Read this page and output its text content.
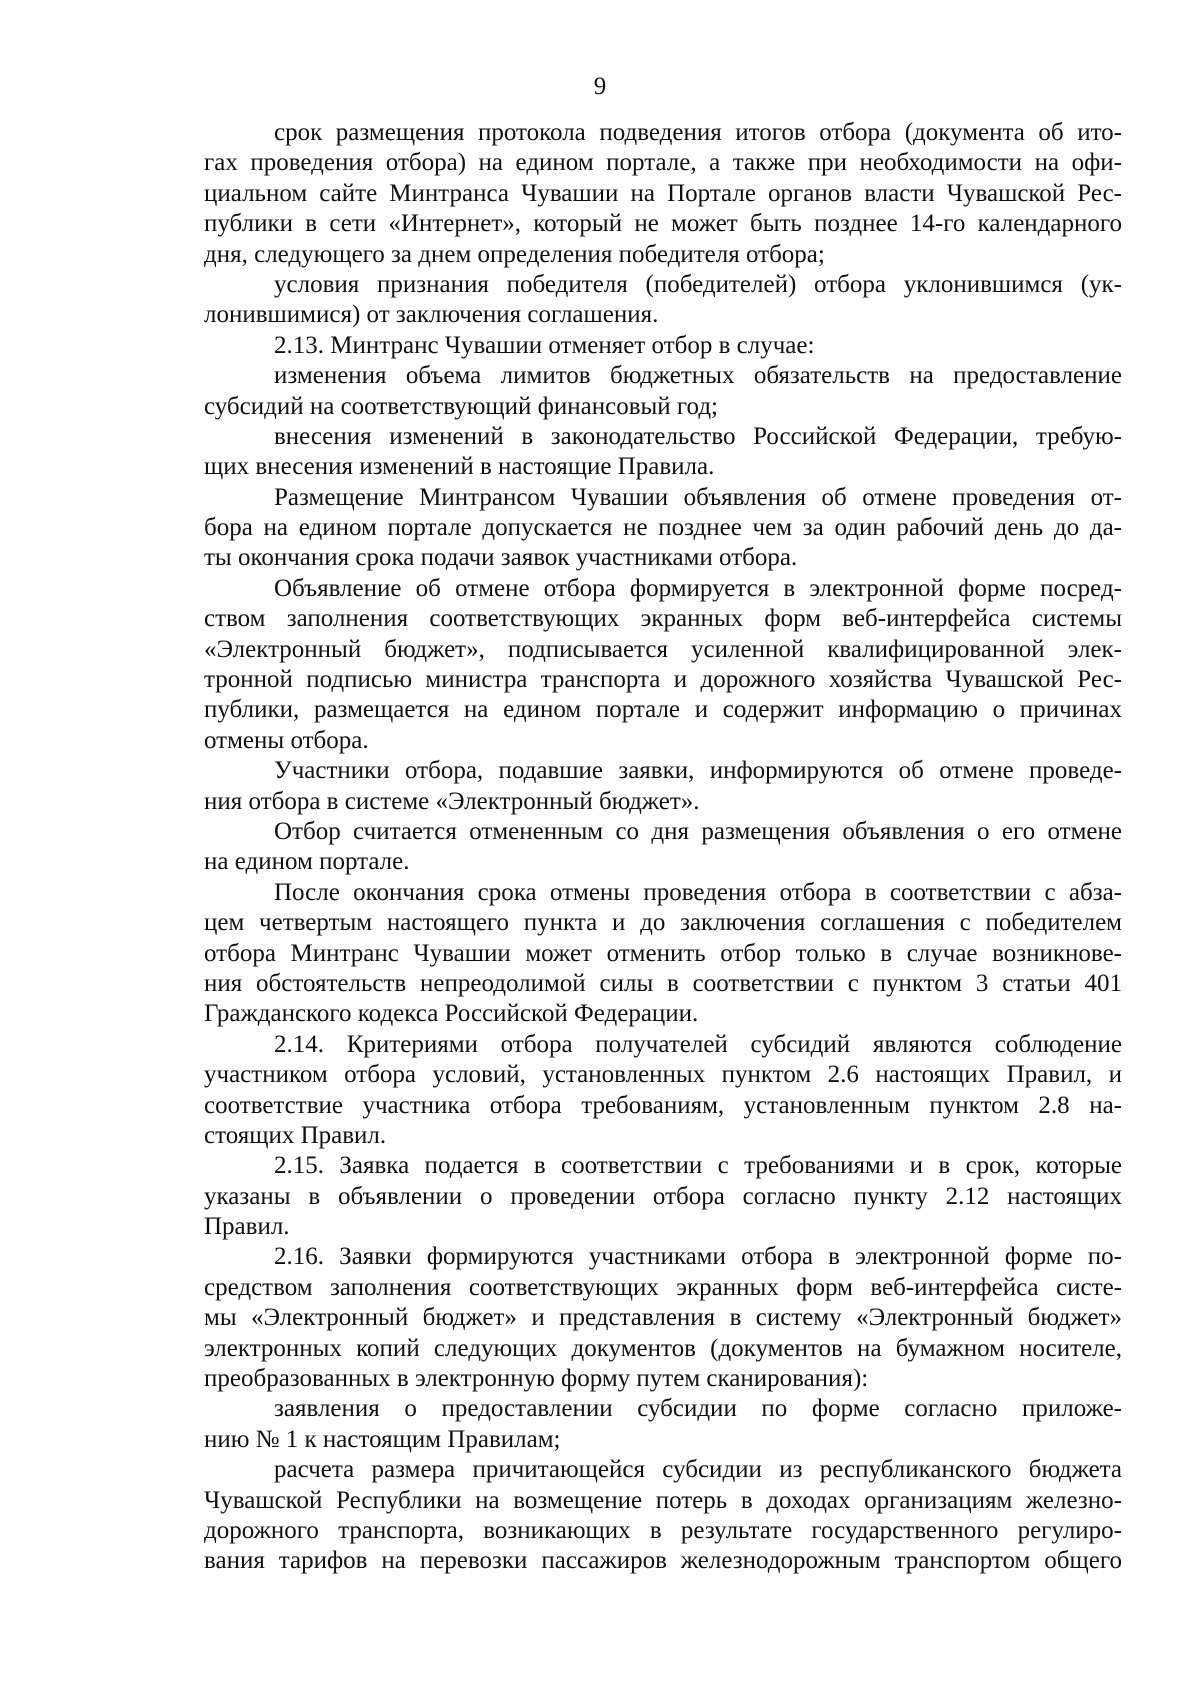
9
срок размещения протокола подведения итогов отбора (документа об ито-
гах проведения отбора) на едином портале, а также при необходимости на офи-
циальном сайте Минтранса Чувашии на Портале органов власти Чувашской Рес-
публики в сети «Интернет», который не может быть позднее 14-го календарного
дня, следующего за днем определения победителя отбора;
условия признания победителя (победителей) отбора уклонившимся (ук-
лонившимися) от заключения соглашения.
2.13. Минтранс Чувашии отменяет отбор в случае:
изменения объема лимитов бюджетных обязательств на предоставление
субсидий на соответствующий финансовый год;
внесения изменений в законодательство Российской Федерации, требую-
щих внесения изменений в настоящие Правила.
Размещение Минтрансом Чувашии объявления об отмене проведения от-
бора на едином портале допускается не позднее чем за один рабочий день до да-
ты окончания срока подачи заявок участниками отбора.
Объявление об отмене отбора формируется в электронной форме посред-
ством заполнения соответствующих экранных форм веб-интерфейса системы
«Электронный бюджет», подписывается усиленной квалифицированной элек-
тронной подписью министра транспорта и дорожного хозяйства Чувашской Рес-
публики, размещается на едином портале и содержит информацию о причинах
отмены отбора.
Участники отбора, подавшие заявки, информируются об отмене проведе-
ния отбора в системе «Электронный бюджет».
Отбор считается отмененным со дня размещения объявления о его отмене
на едином портале.
После окончания срока отмены проведения отбора в соответствии с абза-
цем четвертым настоящего пункта и до заключения соглашения с победителем
отбора Минтранс Чувашии может отменить отбор только в случае возникнове-
ния обстоятельств непреодолимой силы в соответствии с пунктом 3 статьи 401
Гражданского кодекса Российской Федерации.
2.14. Критериями отбора получателей субсидий являются соблюдение
участником отбора условий, установленных пунктом 2.6 настоящих Правил, и
соответствие участника отбора требованиям, установленным пунктом 2.8 на-
стоящих Правил.
2.15. Заявка подается в соответствии с требованиями и в срок, которые
указаны в объявлении о проведении отбора согласно пункту 2.12 настоящих
Правил.
2.16. Заявки формируются участниками отбора в электронной форме по-
средством заполнения соответствующих экранных форм веб-интерфейса систе-
мы «Электронный бюджет» и представления в систему «Электронный бюджет»
электронных копий следующих документов (документов на бумажном носителе,
преобразованных в электронную форму путем сканирования):
заявления о предоставлении субсидии по форме согласно приложе-
нию № 1 к настоящим Правилам;
расчета размера причитающейся субсидии из республиканского бюджета
Чувашской Республики на возмещение потерь в доходах организациям железно-
дорожного транспорта, возникающих в результате государственного регулиро-
вания тарифов на перевозки пассажиров железнодорожным транспортом общего
